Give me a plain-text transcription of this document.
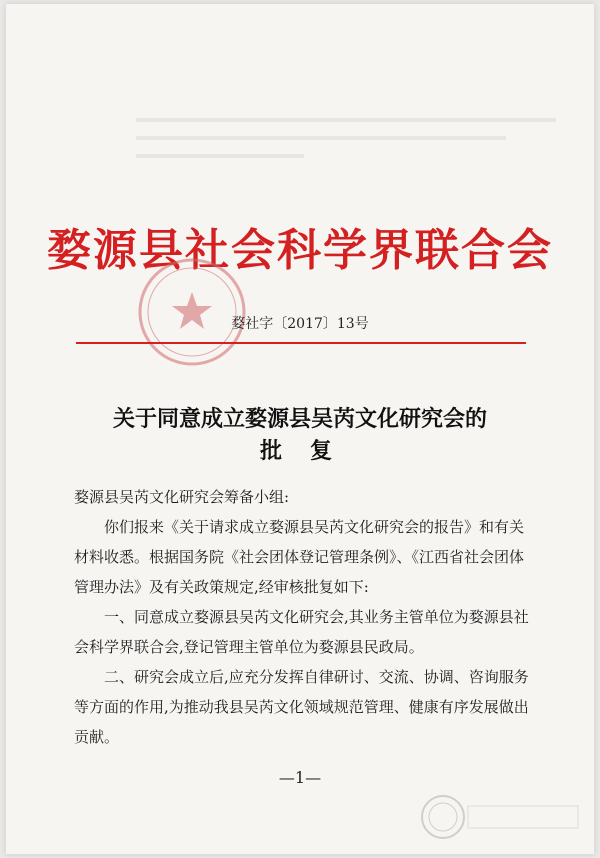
婺源县社会科学界联合会

婺社字〔2017〕13号

关于同意成立婺源县吴芮文化研究会的
批复

婺源县吴芮文化研究会筹备小组:

你们报来《关于请求成立婺源县吴芮文化研究会的报告》和有关材料收悉。根据国务院《社会团体登记管理条例》、《江西省社会团体管理办法》及有关政策规定,经审核批复如下:

一、同意成立婺源县吴芮文化研究会,其业务主管单位为婺源县社会科学界联合会,登记管理主管单位为婺源县民政局。

二、研究会成立后,应充分发挥自律研讨、交流、协调、咨询服务等方面的作用,为推动我县吴芮文化领域规范管理、健康有序发展做出贡献。

—1—
